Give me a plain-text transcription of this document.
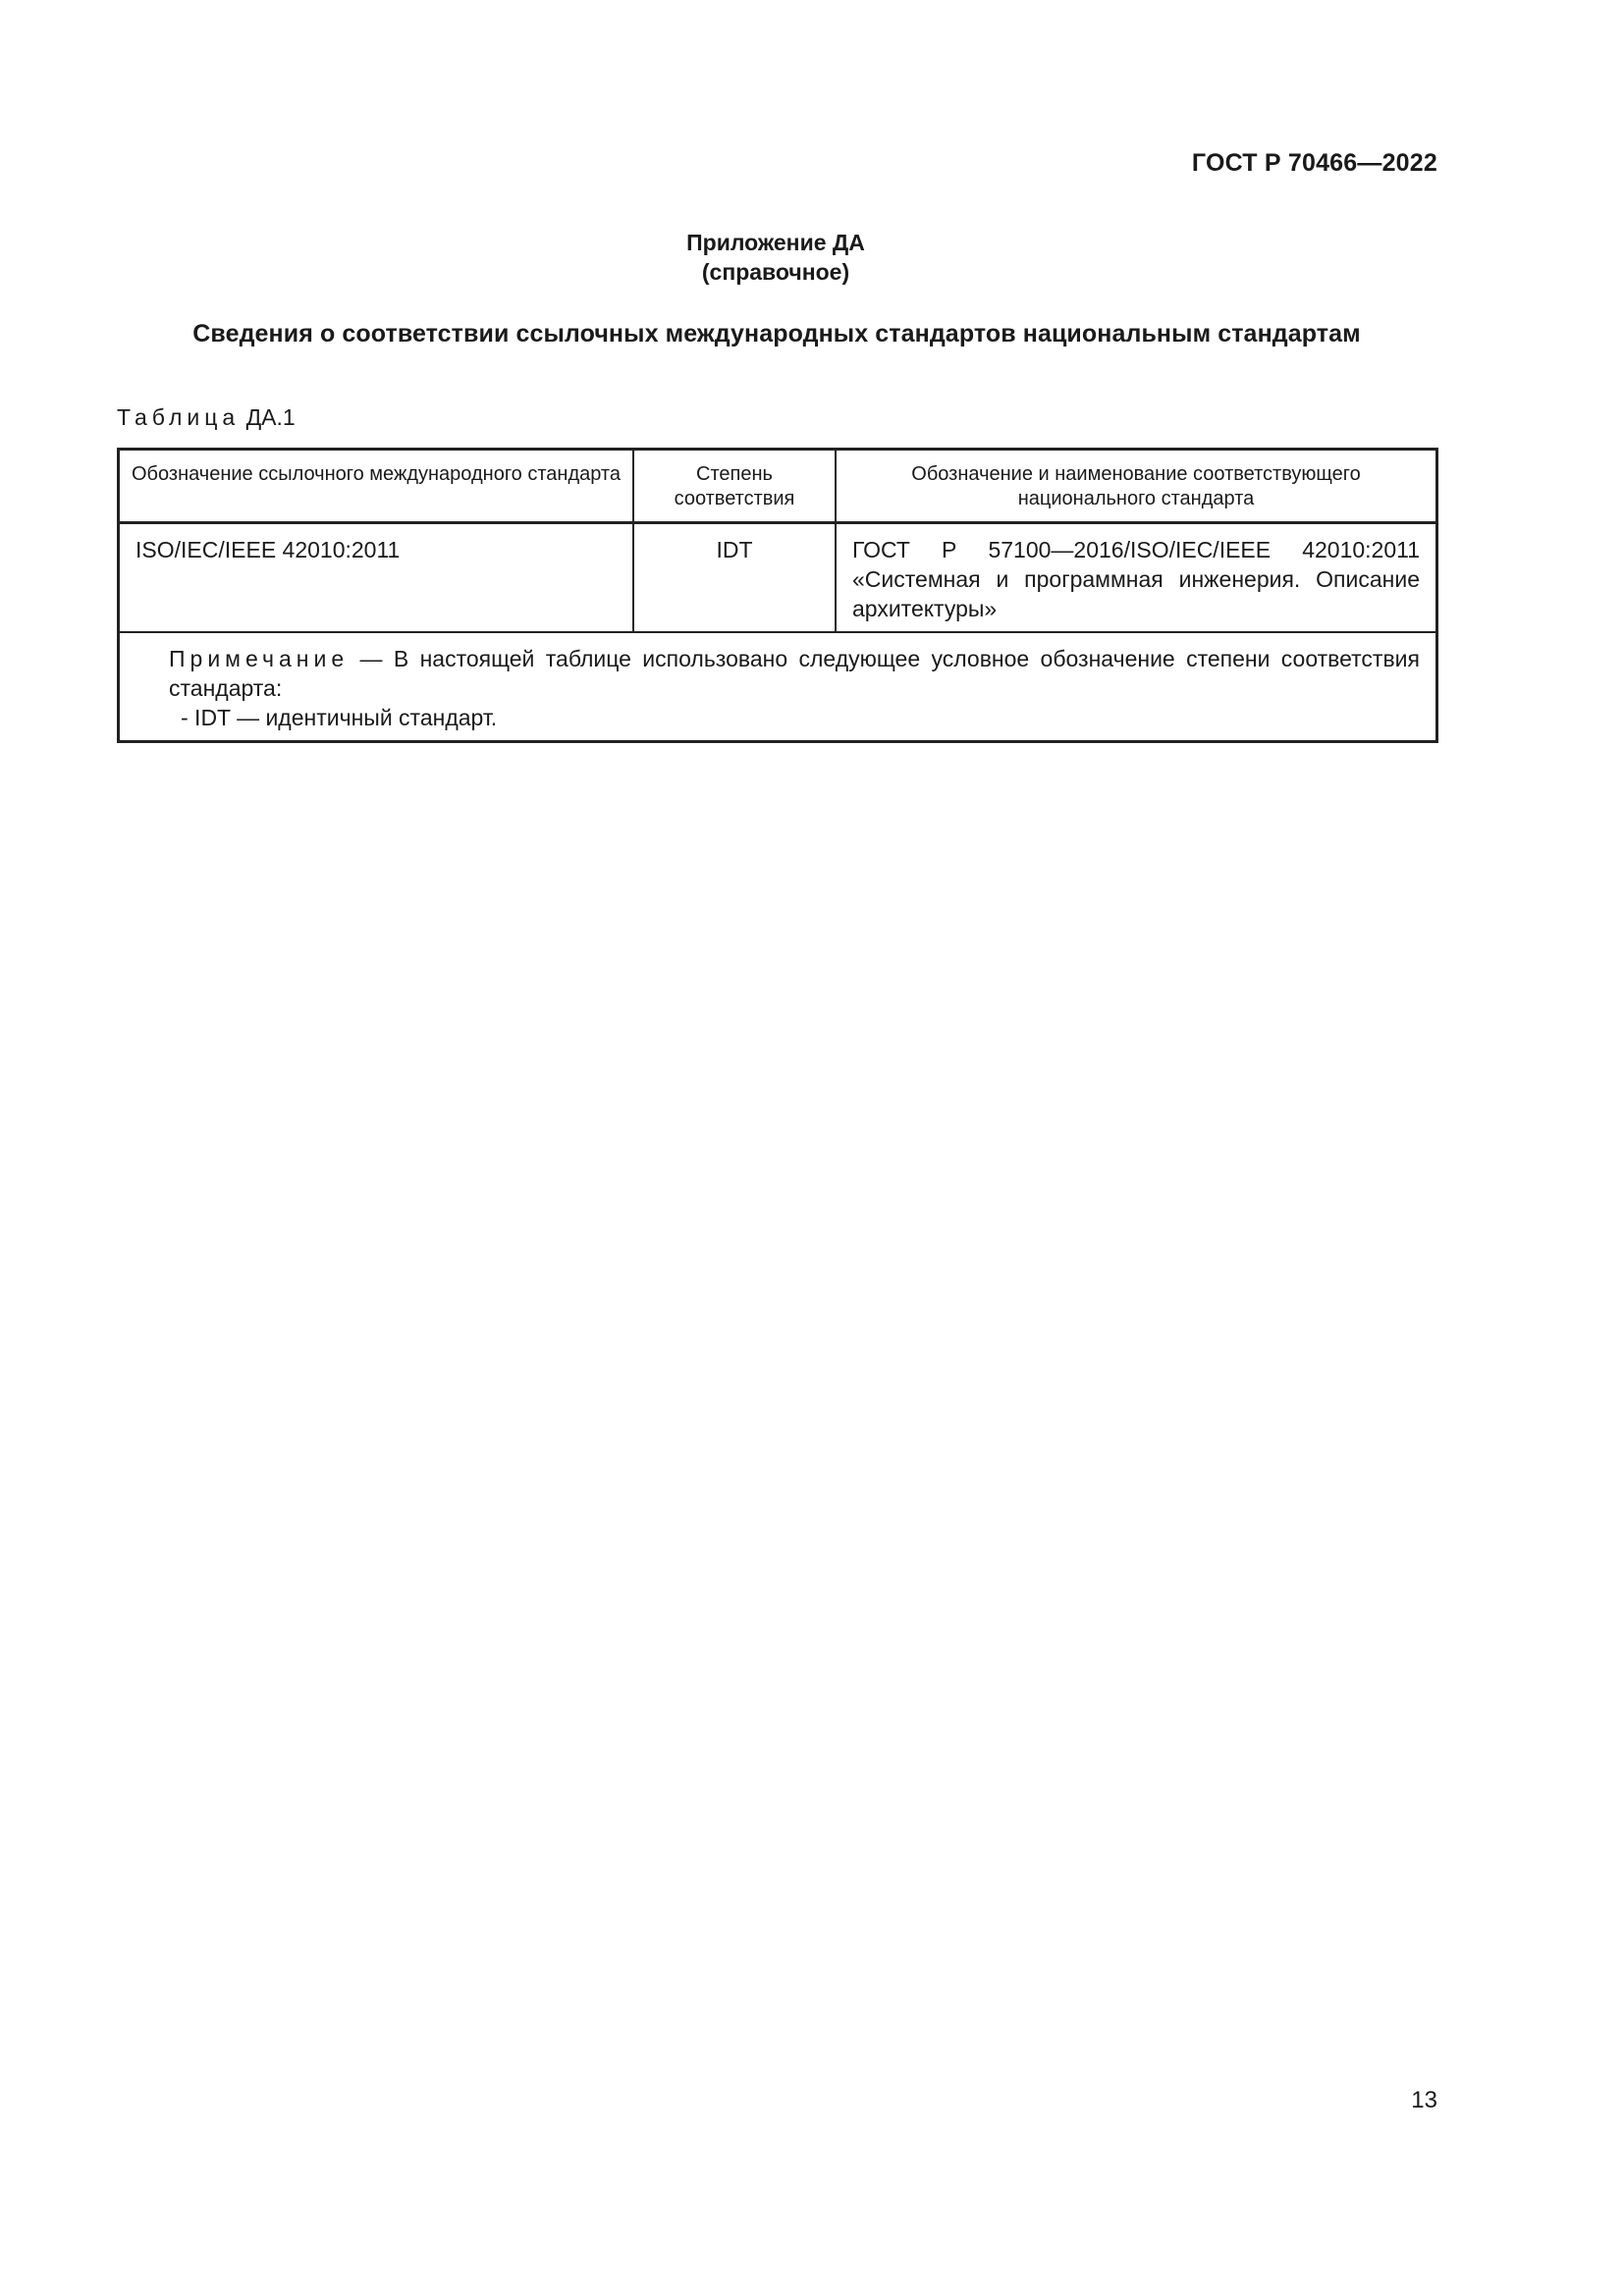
ГОСТ Р 70466—2022
Приложение ДА
(справочное)
Сведения о соответствии ссылочных международных стандартов национальным стандартам
Таблица ДА.1
Обозначение ссылочного международного стандарта	Степень соответствия	Обозначение и наименование соответствующего национального стандарта
ISO/IEC/IEEE 42010:2011	IDT	ГОСТ Р 57100—2016/ISO/IEC/IEEE 42010:2011 «Системная и программная инженерия. Описание архитектуры»

Примечание — В настоящей таблице использовано следующее условное обозначение степени соответствия стандарта:
- IDT — идентичный стандарт.		
13
